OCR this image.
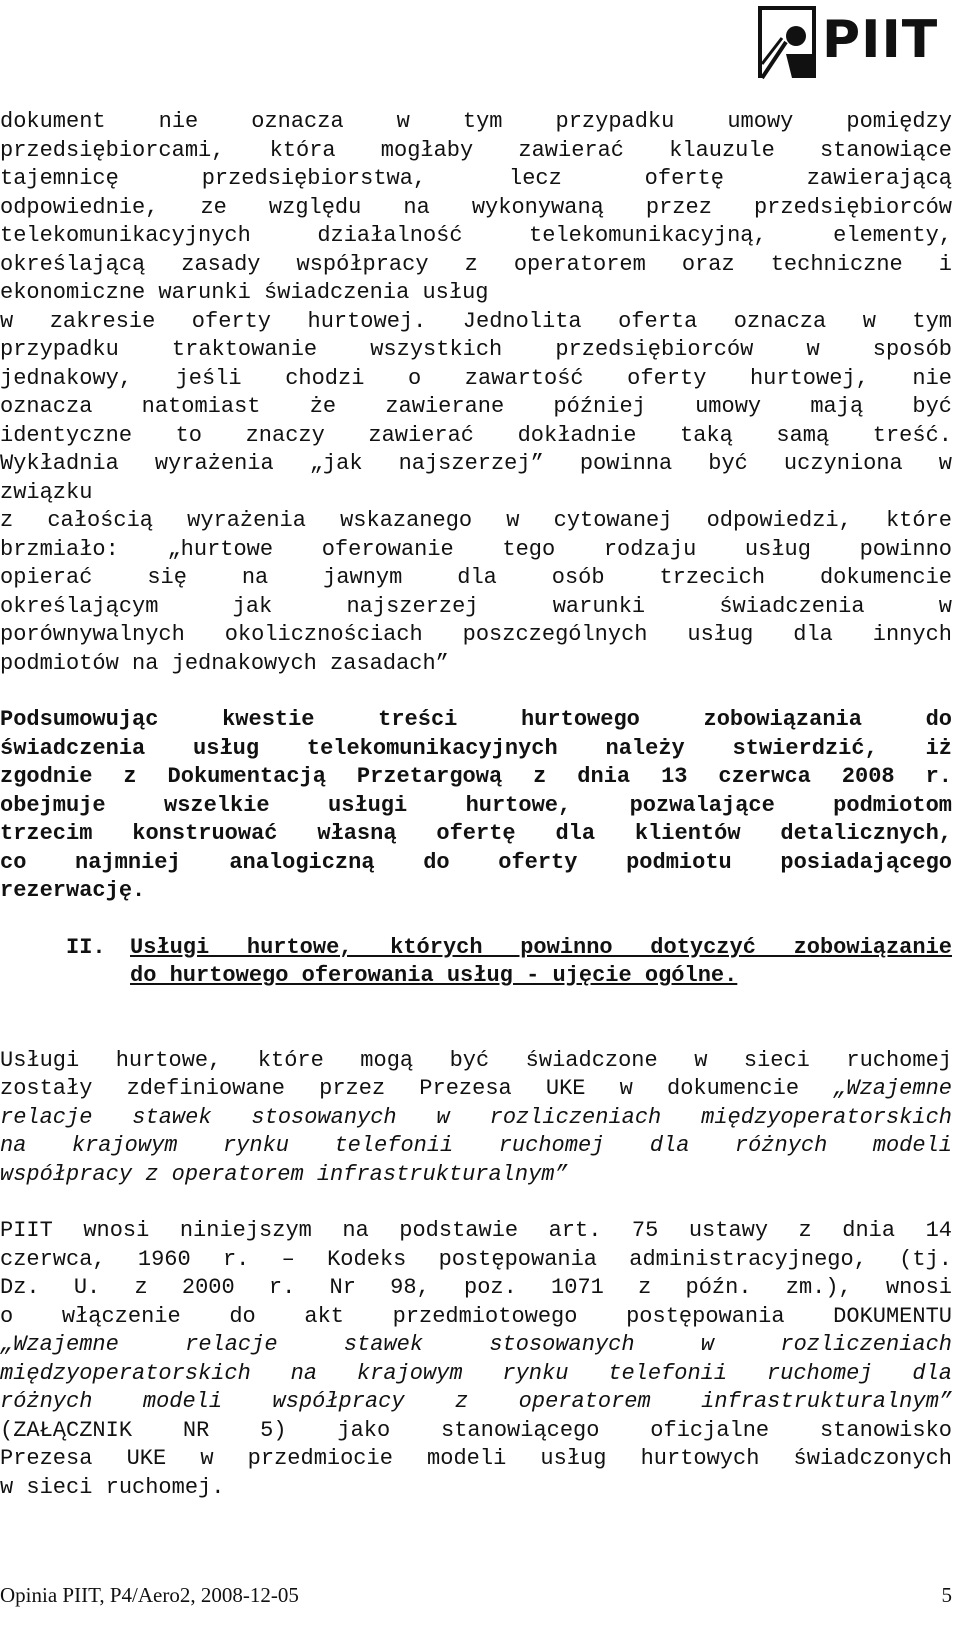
PIIT
dokument nie oznacza w tym przypadku umowy pomiędzy
przedsiębiorcami, która mogłaby zawierać klauzule stanowiące
tajemnicę przedsiębiorstwa, lecz ofertę zawierającą
odpowiednie, ze względu na wykonywaną przez przedsiębiorców
telekomunikacyjnych działalność telekomunikacyjną, elementy,
określającą zasady współpracy z operatorem oraz techniczne i
ekonomiczne warunki świadczenia usług
w zakresie oferty hurtowej. Jednolita oferta oznacza w tym
przypadku traktowanie wszystkich przedsiębiorców w sposób
jednakowy, jeśli chodzi o zawartość oferty hurtowej, nie
oznacza natomiast że zawierane później umowy mają być
identyczne to znaczy zawierać dokładnie taką samą treść.
Wykładnia wyrażenia „jak najszerzej” powinna być uczyniona w
związku
z całością wyrażenia wskazanego w cytowanej odpowiedzi, które
brzmiało: „hurtowe oferowanie tego rodzaju usług powinno
opierać się na jawnym dla osób trzecich dokumencie
określającym jak najszerzej warunki świadczenia w
porównywalnych okolicznościach poszczególnych usług dla innych
podmiotów na jednakowych zasadach”
Podsumowując kwestie treści hurtowego zobowiązania do
świadczenia usług telekomunikacyjnych należy stwierdzić, iż
zgodnie z Dokumentacją Przetargową z dnia 13 czerwca 2008 r.
obejmuje wszelkie usługi hurtowe, pozwalające podmiotom
trzecim konstruować własną ofertę dla klientów detalicznych,
co najmniej analogiczną do oferty podmiotu posiadającego
rezerwację.
II.	Usługi hurtowe, których powinno dotyczyć zobowiązanie
do hurtowego oferowania usług - ujęcie ogólne.
Usługi hurtowe, które mogą być świadczone w sieci ruchomej
zostały zdefiniowane przez Prezesa UKE w dokumencie „Wzajemne
relacje stawek stosowanych w rozliczeniach międzyoperatorskich
na krajowym rynku telefonii ruchomej dla różnych modeli
współpracy z operatorem infrastrukturalnym”
PIIT wnosi niniejszym na podstawie art. 75 ustawy z dnia 14
czerwca, 1960 r. – Kodeks postępowania administracyjnego, (tj.
Dz. U. z 2000 r. Nr 98, poz. 1071 z późn. zm.), wnosi
o włączenie do akt przedmiotowego postępowania DOKUMENTU
„Wzajemne relacje stawek stosowanych w rozliczeniach
międzyoperatorskich na krajowym rynku telefonii ruchomej dla
różnych modeli współpracy z operatorem infrastrukturalnym”
(ZAŁĄCZNIK NR 5) jako stanowiącego oficjalne stanowisko
Prezesa UKE w przedmiocie modeli usług hurtowych świadczonych
w sieci ruchomej.
Opinia PIIT, P4/Aero2, 2008-12-05	5
